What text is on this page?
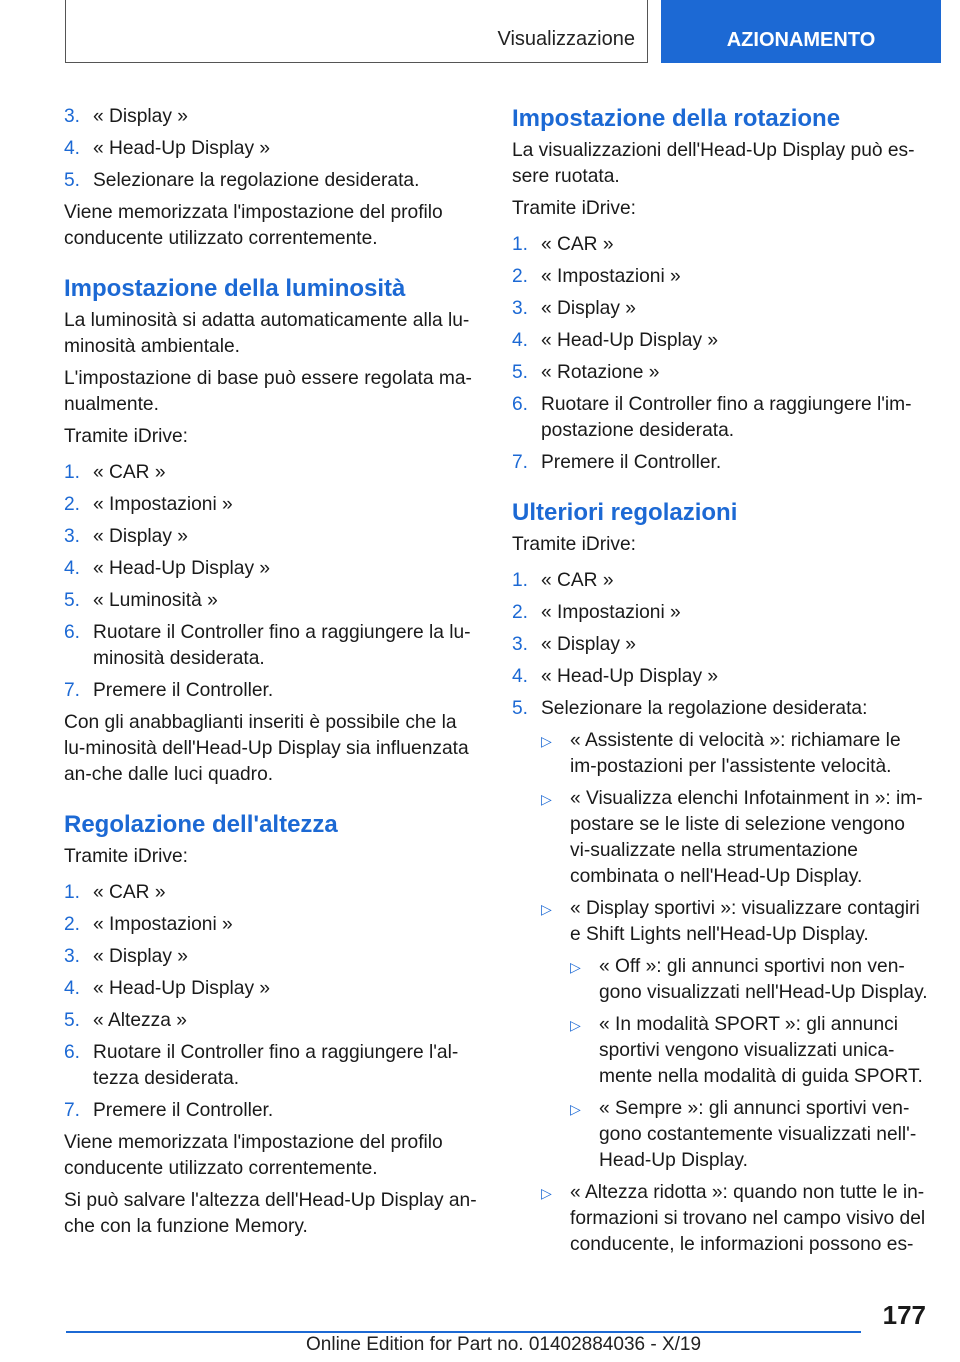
Visualizzazione	AZIONAMENTO
3. « Display »
4. « Head-Up Display »
5. Selezionare la regolazione desiderata.
Viene memorizzata l'impostazione del profilo conducente utilizzato correntemente.
Impostazione della luminosità
La luminosità si adatta automaticamente alla lu-minosità ambientale.
L'impostazione di base può essere regolata ma-nualmente.
Tramite iDrive:
1. « CAR »
2. « Impostazioni »
3. « Display »
4. « Head-Up Display »
5. « Luminosità »
6. Ruotare il Controller fino a raggiungere la lu-minosità desiderata.
7. Premere il Controller.
Con gli anabbaglianti inseriti è possibile che la lu-minosità dell'Head-Up Display sia influenzata an-che dalle luci quadro.
Regolazione dell'altezza
Tramite iDrive:
1. « CAR »
2. « Impostazioni »
3. « Display »
4. « Head-Up Display »
5. « Altezza »
6. Ruotare il Controller fino a raggiungere l'al-tezza desiderata.
7. Premere il Controller.
Viene memorizzata l'impostazione del profilo conducente utilizzato correntemente.
Si può salvare l'altezza dell'Head-Up Display an-che con la funzione Memory.
Impostazione della rotazione
La visualizzazioni dell'Head-Up Display può es-sere ruotata.
Tramite iDrive:
1. « CAR »
2. « Impostazioni »
3. « Display »
4. « Head-Up Display »
5. « Rotazione »
6. Ruotare il Controller fino a raggiungere l'im-postazione desiderata.
7. Premere il Controller.
Ulteriori regolazioni
Tramite iDrive:
1. « CAR »
2. « Impostazioni »
3. « Display »
4. « Head-Up Display »
5. Selezionare la regolazione desiderata:
▷ « Assistente di velocità »: richiamare le im-postazioni per l'assistente velocità.
▷ « Visualizza elenchi Infotainment in »: im-postare se le liste di selezione vengono vi-sualizzate nella strumentazione combinata o nell'Head-Up Display.
▷ « Display sportivi »: visualizzare contagiri e Shift Lights nell'Head-Up Display.
▷ « Off »: gli annunci sportivi non ven-gono visualizzati nell'Head-Up Display.
▷ « In modalità SPORT »: gli annunci sportivi vengono visualizzati unica-mente nella modalità di guida SPORT.
▷ « Sempre »: gli annunci sportivi ven-gono costantemente visualizzati nell'-Head-Up Display.
▷ « Altezza ridotta »: quando non tutte le in-formazioni si trovano nel campo visivo del conducente, le informazioni possono es-
177
Online Edition for Part no. 01402884036 - X/19
